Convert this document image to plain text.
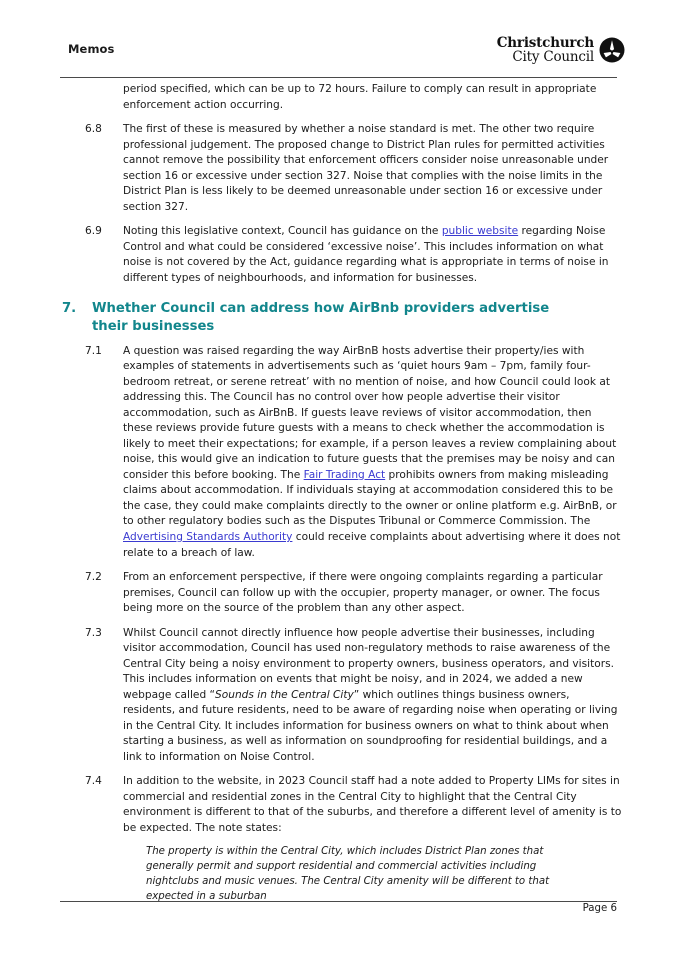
Memos	Christchurch
City Council
period specified, which can be up to 72 hours. Failure to comply can result in appropriate enforcement action occurring.
6.8 The first of these is measured by whether a noise standard is met. The other two require professional judgement. The proposed change to District Plan rules for permitted activities cannot remove the possibility that enforcement officers consider noise unreasonable under section 16 or excessive under section 327. Noise that complies with the noise limits in the District Plan is less likely to be deemed unreasonable under section 16 or excessive under section 327.
6.9 Noting this legislative context, Council has guidance on the public website regarding Noise Control and what could be considered ‘excessive noise’. This includes information on what noise is not covered by the Act, guidance regarding what is appropriate in terms of noise in different types of neighbourhoods, and information for businesses.
7. Whether Council can address how AirBnb providers advertise their businesses
7.1 A question was raised regarding the way AirBnB hosts advertise their property/ies with examples of statements in advertisements such as ‘quiet hours 9am – 7pm, family four-bedroom retreat, or serene retreat’ with no mention of noise, and how Council could look at addressing this. The Council has no control over how people advertise their visitor accommodation, such as AirBnB. If guests leave reviews of visitor accommodation, then these reviews provide future guests with a means to check whether the accommodation is likely to meet their expectations; for example, if a person leaves a review complaining about noise, this would give an indication to future guests that the premises may be noisy and can consider this before booking. The Fair Trading Act prohibits owners from making misleading claims about accommodation. If individuals staying at accommodation considered this to be the case, they could make complaints directly to the owner or online platform e.g. AirBnB, or to other regulatory bodies such as the Disputes Tribunal or Commerce Commission. The Advertising Standards Authority could receive complaints about advertising where it does not relate to a breach of law.
7.2 From an enforcement perspective, if there were ongoing complaints regarding a particular premises, Council can follow up with the occupier, property manager, or owner. The focus being more on the source of the problem than any other aspect.
7.3 Whilst Council cannot directly influence how people advertise their businesses, including visitor accommodation, Council has used non-regulatory methods to raise awareness of the Central City being a noisy environment to property owners, business operators, and visitors. This includes information on events that might be noisy, and in 2024, we added a new webpage called “Sounds in the Central City” which outlines things business owners, residents, and future residents, need to be aware of regarding noise when operating or living in the Central City. It includes information for business owners on what to think about when starting a business, as well as information on soundproofing for residential buildings, and a link to information on Noise Control.
7.4 In addition to the website, in 2023 Council staff had a note added to Property LIMs for sites in commercial and residential zones in the Central City to highlight that the Central City environment is different to that of the suburbs, and therefore a different level of amenity is to be expected. The note states:
The property is within the Central City, which includes District Plan zones that generally permit and support residential and commercial activities including nightclubs and music venues. The Central City amenity will be different to that expected in a suburban
Page 6
